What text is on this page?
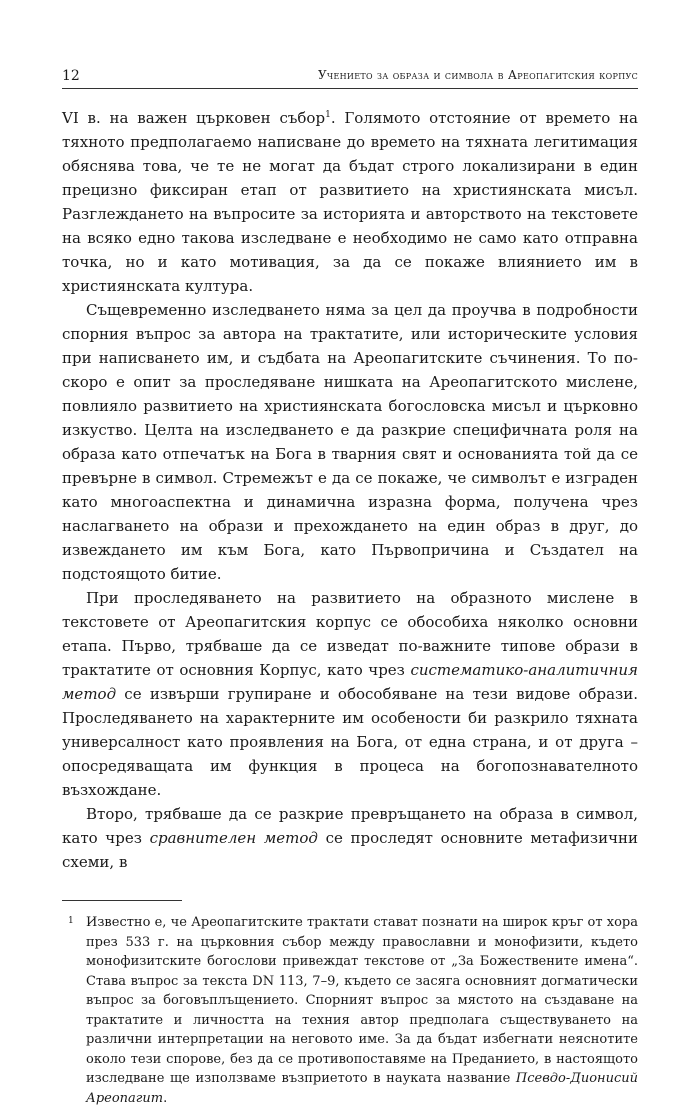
12	Учението за образа и символа в Ареопагитския корпус

VI в. на важен църковен събор$^1$. Голямото отстояние от времето на тяхното предполагаемо написване до времето на тяхната легитимация обяснява това, че те не могат да бъдат строго локализирани в един прецизно фиксиран етап от развитието на християнската мисъл. Разглеждането на въпросите за историята и авторството на текстовете на всяко едно такова изследване е необходимо не само като отправна точка, но и като мотивация, за да се покаже влиянието им в християнската култура.

Същевременно изследването няма за цел да проучва в подробности спорния въпрос за автора на трактатите, или историческите условия при написването им, и съдбата на Ареопагитските съчинения. То по-скоро е опит за проследяване нишката на Ареопагитското мислене, повлияло развитието на християнската богословска мисъл и църковно изкуство. Целта на изследването е да разкрие специфичната роля на образа като отпечатък на Бога в тварния свят и основанията той да се превърне в символ. Стремежът е да се покаже, че символът е изграден като многоаспектна и динамична изразна форма, получена чрез наслагването на образи и прехождането на един образ в друг, до извеждането им към Бога, като Първопричина и Създател на подстоящото битие.

При проследяването на развитието на образното мислене в текстовете от Ареопагитския корпус се обособиха няколко основни етапа. Първо, трябваше да се изведат по-важните типове образи в трактатите от основния Корпус, като чрез систематико-аналитичния метод се извърши групиране и обособяване на тези видове образи. Проследяването на характерните им особености би разкрило тяхната универсалност като проявления на Бога, от една страна, и от друга – опосредяващата им функция в процеса на богопознавателното възхождане.

Второ, трябваше да се разкрие превръщането на образа в символ, като чрез сравнителен метод се проследят основните метафизични схеми, в

1 Известно е, че Ареопагитските трактати стават познати на широк кръг от хора през 533 г. на църковния събор между православни и монофизити, където монофизитските богослови привеждат текстове от „За Божествените имена“. Става въпрос за текста DN 113, 7–9, където се засяга основният догматически въпрос за боговъплъщението. Спорният въпрос за мястото на създаване на трактатите и личността на техния автор предполага съществуването на различни интерпретации на неговото име. За да бъдат избегнати неяснотите около тези спорове, без да се противопоставяме на Преданието, в настоящото изследване ще използваме възприетото в науката название Псевдо-Дионисий Ареопагит.
